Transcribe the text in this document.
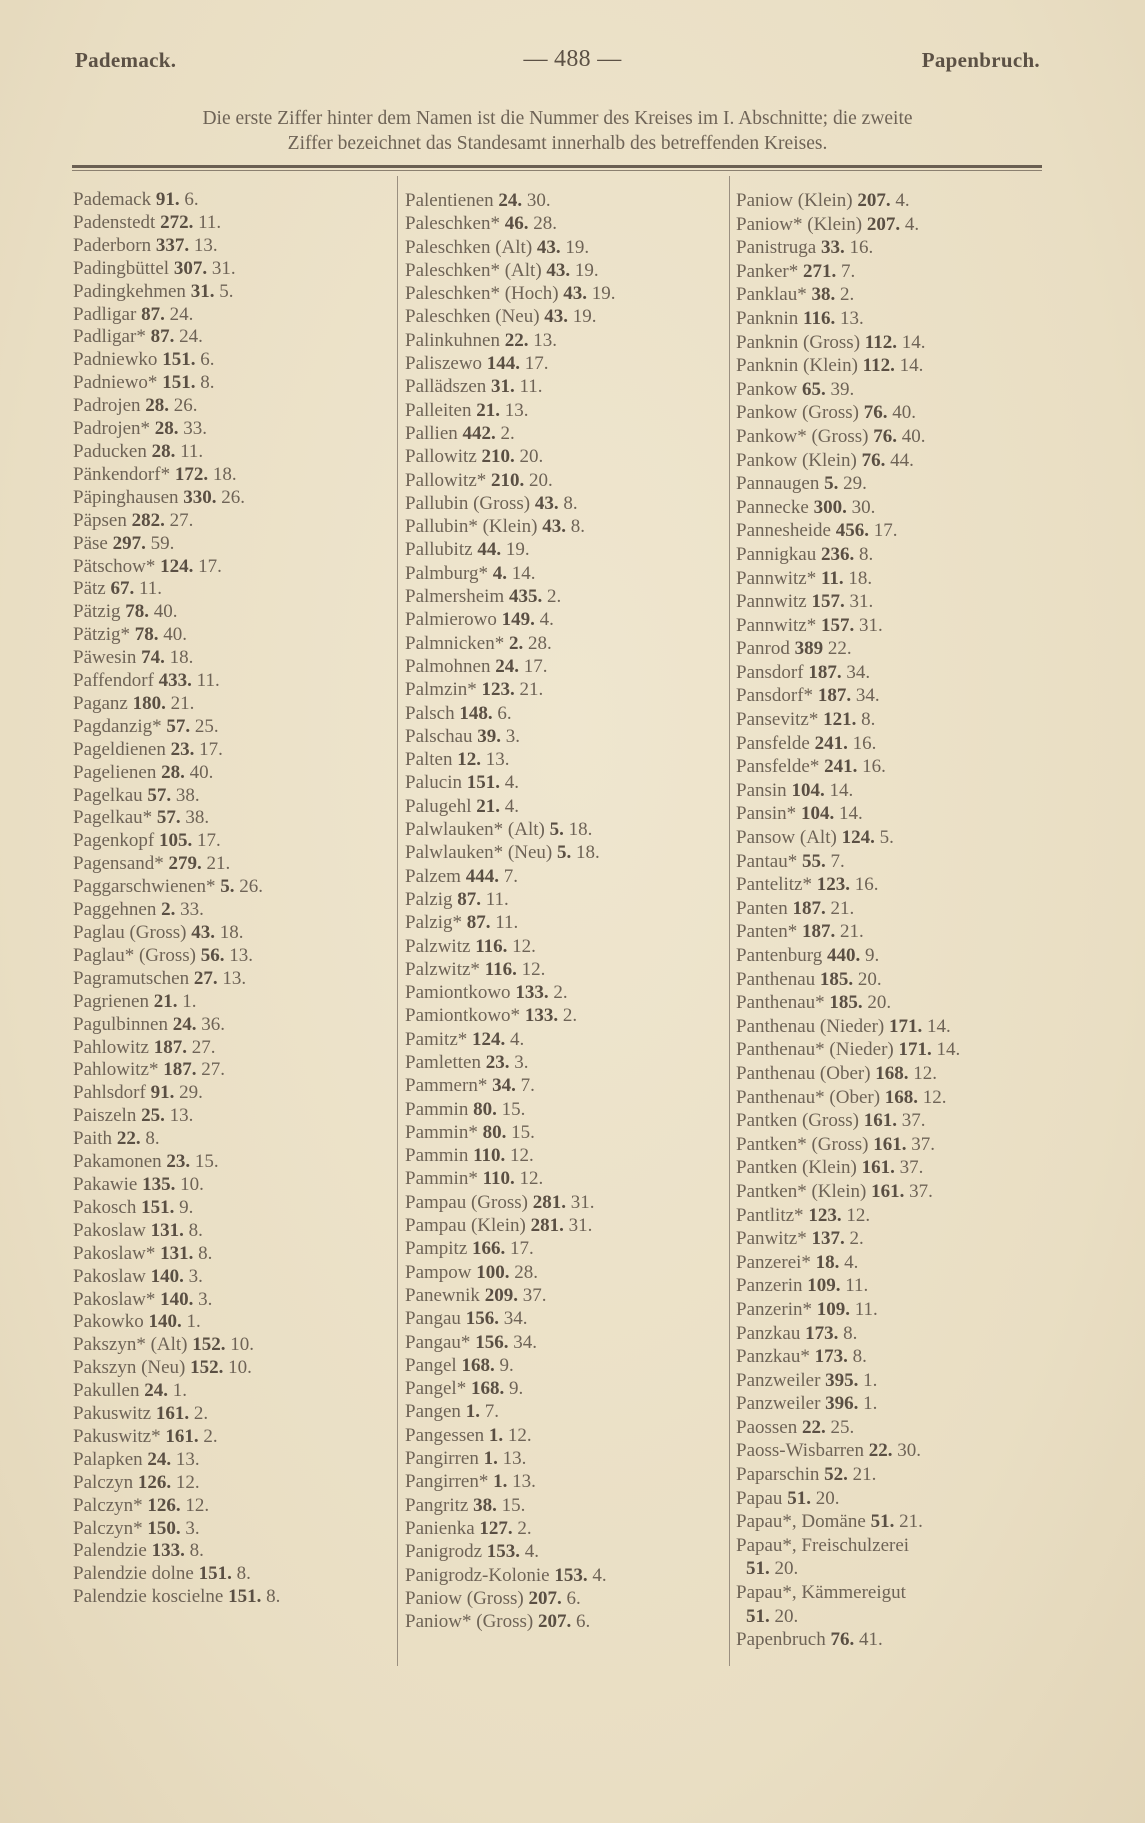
Pademack.	— 488 —	Papenbruch.
Die erste Ziffer hinter dem Namen ist die Nummer des Kreises im I. Abschnitte; die zweite
Ziffer bezeichnet das Standesamt innerhalb des betreffenden Kreises.
Pademack 91. 6.
Padenstedt 272. 11.
Paderborn 337. 13.
Padingbüttel 307. 31.
Padingkehmen 31. 5.
Padligar 87. 24.
Padligar* 87. 24.
Padniewko 151. 6.
Padniewo* 151. 8.
Padrojen 28. 26.
Padrojen* 28. 33.
Paducken 28. 11.
Pänkendorf* 172. 18.
Päpinghausen 330. 26.
Päpsen 282. 27.
Päse 297. 59.
Pätschow* 124. 17.
Pätz 67. 11.
Pätzig 78. 40.
Pätzig* 78. 40.
Päwesin 74. 18.
Paffendorf 433. 11.
Paganz 180. 21.
Pagdanzig* 57. 25.
Pageldienen 23. 17.
Pagelienen 28. 40.
Pagelkau 57. 38.
Pagelkau* 57. 38.
Pagenkopf 105. 17.
Pagensand* 279. 21.
Paggarschwienen* 5. 26.
Paggehnen 2. 33.
Paglau (Gross) 43. 18.
Paglau* (Gross) 56. 13.
Pagramutschen 27. 13.
Pagrienen 21. 1.
Pagulbinnen 24. 36.
Pahlowitz 187. 27.
Pahlowitz* 187. 27.
Pahlsdorf 91. 29.
Paiszeln 25. 13.
Paith 22. 8.
Pakamonen 23. 15.
Pakawie 135. 10.
Pakosch 151. 9.
Pakoslaw 131. 8.
Pakoslaw* 131. 8.
Pakoslaw 140. 3.
Pakoslaw* 140. 3.
Pakowko 140. 1.
Pakszyn* (Alt) 152. 10.
Pakszyn (Neu) 152. 10.
Pakullen 24. 1.
Pakuswitz 161. 2.
Pakuswitz* 161. 2.
Palapken 24. 13.
Palczyn 126. 12.
Palczyn* 126. 12.
Palczyn* 150. 3.
Palendzie 133. 8.
Palendzie dolne 151. 8.
Palendzie koscielne 151. 8.
Palentienen 24. 30.
Paleschken* 46. 28.
Paleschken (Alt) 43. 19.
Paleschken* (Alt) 43. 19.
Paleschken* (Hoch) 43. 19.
Paleschken (Neu) 43. 19.
Palinkuhnen 22. 13.
Paliszewo 144. 17.
Pallädszen 31. 11.
Palleiten 21. 13.
Pallien 442. 2.
Pallowitz 210. 20.
Pallowitz* 210. 20.
Pallubin (Gross) 43. 8.
Pallubin* (Klein) 43. 8.
Pallubitz 44. 19.
Palmburg* 4. 14.
Palmersheim 435. 2.
Palmierowo 149. 4.
Palmnicken* 2. 28.
Palmohnen 24. 17.
Palmzin* 123. 21.
Palsch 148. 6.
Palschau 39. 3.
Palten 12. 13.
Palucin 151. 4.
Palugehl 21. 4.
Palwlauken* (Alt) 5. 18.
Palwlauken* (Neu) 5. 18.
Palzem 444. 7.
Palzig 87. 11.
Palzig* 87. 11.
Palzwitz 116. 12.
Palzwitz* 116. 12.
Pamiontkowo 133. 2.
Pamiontkowo* 133. 2.
Pamitz* 124. 4.
Pamletten 23. 3.
Pammern* 34. 7.
Pammin 80. 15.
Pammin* 80. 15.
Pammin 110. 12.
Pammin* 110. 12.
Pampau (Gross) 281. 31.
Pampau (Klein) 281. 31.
Pampitz 166. 17.
Pampow 100. 28.
Panewnik 209. 37.
Pangau 156. 34.
Pangau* 156. 34.
Pangel 168. 9.
Pangel* 168. 9.
Pangen 1. 7.
Pangessen 1. 12.
Pangirren 1. 13.
Pangirren* 1. 13.
Pangritz 38. 15.
Panienka 127. 2.
Panigrodz 153. 4.
Panigrodz-Kolonie 153. 4.
Paniow (Gross) 207. 6.
Paniow* (Gross) 207. 6.
Paniow (Klein) 207. 4.
Paniow* (Klein) 207. 4.
Panistruga 33. 16.
Panker* 271. 7.
Panklau* 38. 2.
Panknin 116. 13.
Panknin (Gross) 112. 14.
Panknin (Klein) 112. 14.
Pankow 65. 39.
Pankow (Gross) 76. 40.
Pankow* (Gross) 76. 40.
Pankow (Klein) 76. 44.
Pannaugen 5. 29.
Pannecke 300. 30.
Pannesheide 456. 17.
Pannigkau 236. 8.
Pannwitz* 11. 18.
Pannwitz 157. 31.
Pannwitz* 157. 31.
Panrod 389 22.
Pansdorf 187. 34.
Pansdorf* 187. 34.
Pansevitz* 121. 8.
Pansfelde 241. 16.
Pansfelde* 241. 16.
Pansin 104. 14.
Pansin* 104. 14.
Pansow (Alt) 124. 5.
Pantau* 55. 7.
Pantelitz* 123. 16.
Panten 187. 21.
Panten* 187. 21.
Pantenburg 440. 9.
Panthenau 185. 20.
Panthenau* 185. 20.
Panthenau (Nieder) 171. 14.
Panthenau* (Nieder) 171. 14.
Panthenau (Ober) 168. 12.
Panthenau* (Ober) 168. 12.
Pantken (Gross) 161. 37.
Pantken* (Gross) 161. 37.
Pantken (Klein) 161. 37.
Pantken* (Klein) 161. 37.
Pantlitz* 123. 12.
Panwitz* 137. 2.
Panzerei* 18. 4.
Panzerin 109. 11.
Panzerin* 109. 11.
Panzkau 173. 8.
Panzkau* 173. 8.
Panzweiler 395. 1.
Panzweiler 396. 1.
Paossen 22. 25.
Paoss-Wisbarren 22. 30.
Paparschin 52. 21.
Papau 51. 20.
Papau*, Domäne 51. 21.
Papau*, Freischulzerei
51. 20.
Papau*, Kämmereigut
51. 20.
Papenbruch 76. 41.
